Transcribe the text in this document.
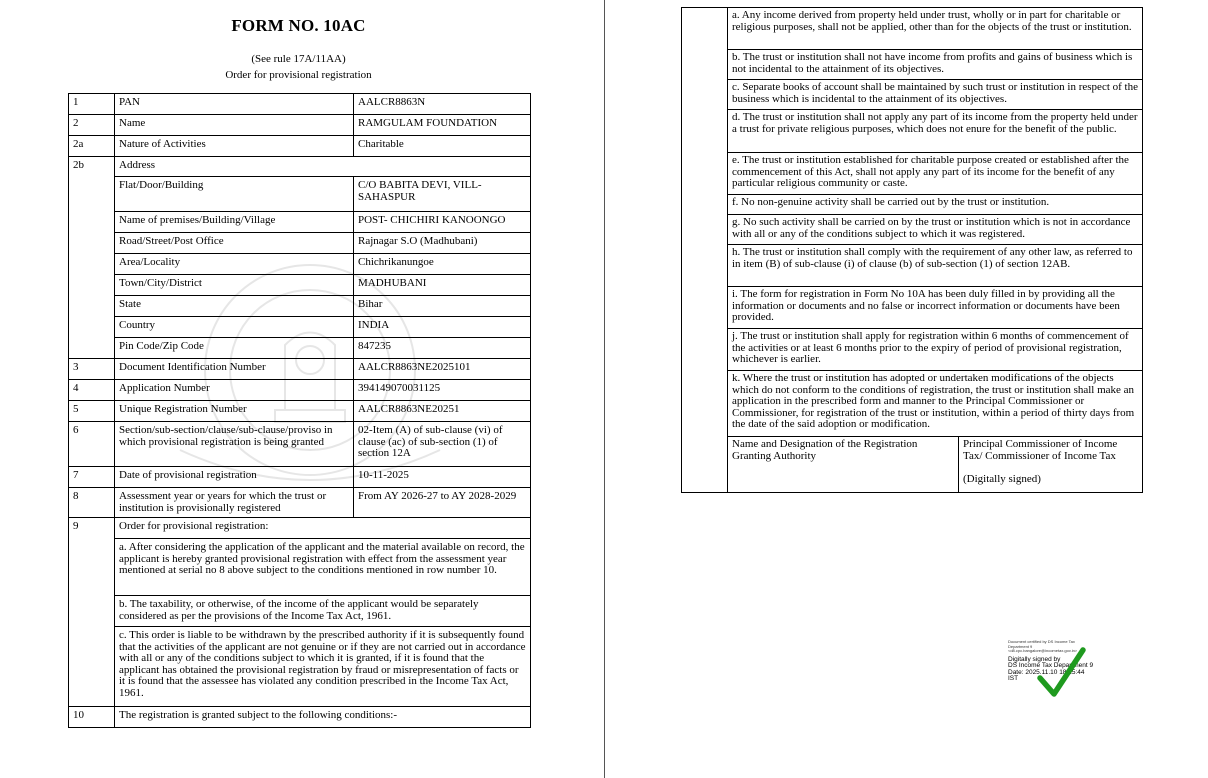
FORM NO. 10AC
(See rule 17A/11AA)
Order for provisional registration
1	PAN	AALCR8863N
2	Name	RAMGULAM FOUNDATION
2a	Nature of Activities	Charitable
2b	Address	
	Flat/Door/Building	C/O BABITA DEVI, VILL-SAHASPUR
	Name of premises/Building/Village	POST- CHICHIRI KANOONGO
	Road/Street/Post Office	Rajnagar S.O (Madhubani)
	Area/Locality	Chichrikanungoe
	Town/City/District	MADHUBANI
	State	Bihar
	Country	INDIA
	Pin Code/Zip Code	847235
3	Document Identification Number	AALCR8863NE2025101
4	Application Number	394149070031125
5	Unique Registration Number	AALCR8863NE20251
6	Section/sub-section/clause/sub-clause/proviso in which provisional registration is being granted	02-Item (A) of sub-clause (vi) of clause (ac) of sub-section (1) of section 12A
7	Date of provisional registration	10-11-2025
8	Assessment year or years for which the trust or institution is provisionally registered	From AY 2026-27 to AY 2028-2029
9	Order for provisional registration:	
	a. After considering the application of the applicant and the material available on record, the applicant is hereby granted provisional registration with effect from the assessment year mentioned at serial no 8 above subject to the conditions mentioned in row number 10.	
	b. The taxability, or otherwise, of the income of the applicant would be separately considered as per the provisions of the Income Tax Act, 1961.	
	c. This order is liable to be withdrawn by the prescribed authority if it is subsequently found that the activities of the applicant are not genuine or if they are not carried out in accordance with all or any of the conditions subject to which it is granted, if it is found that the applicant has obtained the provisional registration by fraud or misrepresentation of facts or it is found that the assessee has violated any condition prescribed in the Income Tax Act, 1961.	
10	The registration is granted subject to the following conditions:-	
	a. Any income derived from property held under trust, wholly or in part for charitable or religious purposes, shall not be applied, other than for the objects of the trust or institution.	
	b. The trust or institution shall not have income from profits and gains of business which is not incidental to the attainment of its objectives.	
	c. Separate books of account shall be maintained by such trust or institution in respect of the business which is incidental to the attainment of its objectives.	
	d. The trust or institution shall not apply any part of its income from the property held under a trust for private religious purposes, which does not enure for the benefit of the public.	
	e. The trust or institution established for charitable purpose created or established after the commencement of this Act, shall not apply any part of its income for the benefit of any particular religious community or caste.	
	f. No non-genuine activity shall be carried out by the trust or institution.	
	g. No such activity shall be carried on by the trust or institution which is not in accordance with all or any of the conditions subject to which it was registered.	
	h. The trust or institution shall comply with the requirement of any other law, as referred to in item (B) of sub-clause (i) of clause (b) of sub-section (1) of section 12AB.	
	i. The form for registration in Form No 10A has been duly filled in by providing all the information or documents and no false or incorrect information or documents have been provided.	
	j. The trust or institution shall apply for registration within 6 months of commencement of the activities or at least 6 months prior to the expiry of period of provisional registration, whichever is earlier.	
	k. Where the trust or institution has adopted or undertaken modifications of the objects which do not conform to the conditions of registration, the trust or institution shall make an application in the prescribed form and manner to the Principal Commissioner or Commissioner, for registration of the trust or institution, within a period of thirty days from the date of the said adoption or modification.	
	Name and Designation of the Registration Granting Authority	Principal Commissioner of Income Tax/ Commissioner of Income Tax
(Digitally signed)
Document certified by DS Income Tax
Department 9
<d8.cpc.bangalore@incometax.gov.in>
Digitally signed by
DS Income Tax Department 9
Date: 2025.11.10 18:15:44
IST
